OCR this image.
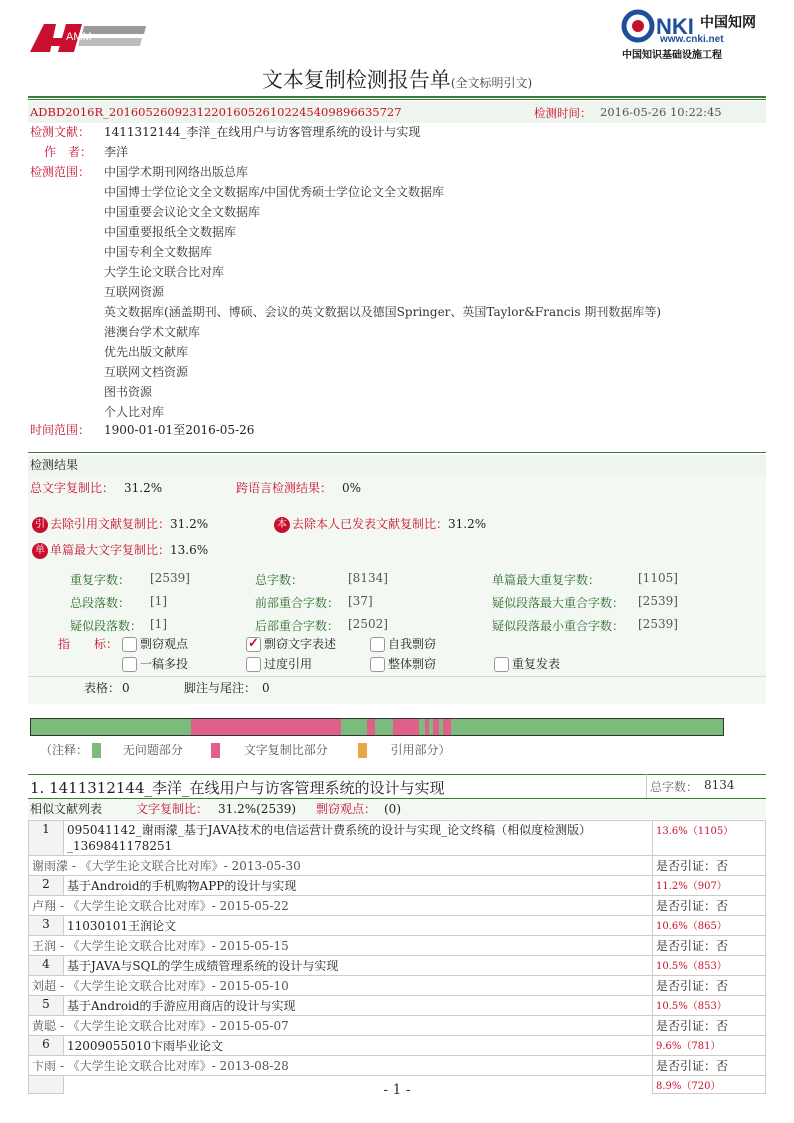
AMM	NKI 中国知网
www.cnki.net
中国知识基础设施工程
文本复制检测报告单(全文标明引文)
ADBD2016R_20160526092312201605261022454098966357​27	检测时间： 2016-05-26 10:22:45
检测文献： 1411312144_李洋_在线用户与访客管理系统的设计与实现
作　者： 李洋
检测范围： 中国学术期刊网络出版总库
中国博士学位论文全文数据库/中国优秀硕士学位论文全文数据库
中国重要会议论文全文数据库
中国重要报纸全文数据库
中国专利全文数据库
大学生论文联合比对库
互联网资源
英文数据库(涵盖期刊、博硕、会议的英文数据以及德国Springer、英国Taylor&Francis 期刊数据库等)
港澳台学术文献库
优先出版文献库
互联网文档资源
图书资源
个人比对库
时间范围： 1900-01-01至2016-05-26
检测结果
总文字复制比： 31.2%	跨语言检测结果： 0%
引 去除引用文献复制比：31.2%	本 去除本人已发表文献复制比：31.2%
单 单篇最大文字复制比：13.6%
重复字数： [2539]	总字数：	[8134]	单篇最大重复字数：	[1105]
总段落数： [1]	前部重合字数： [37]	疑似段落最大重合字数： [2539]
疑似段落数： [1]	后部重合字数： [2502]	疑似段落最小重合字数： [2539]
指　　标：	剽窃观点 ✓	剽窃文字表述	自我剽窃
一稿多投	过度引用	整体剽窃	重复发表
表格： 0	脚注与尾注： 0
（注释：	无问题部分	文字复制比部分	引用部分）
1. 1411312144_李洋_在线用户与访客管理系统的设计与实现	总字数： 8134
相似文献列表	文字复制比： 31.2%(2539) 剽窃观点： (0)
1	095041142_谢雨濛_基于JAVA技术的电信运营计费系统的设计与实现_论文终稿（相似度检测版）_1369841178251	13.6%（1105）
谢雨濛 - 《大学生论文联合比对库》- 2013-05-30		是否引证：否
2	基于Android的手机购物APP的设计与实现	11.2%（907）
卢翔 - 《大学生论文联合比对库》- 2015-05-22		是否引证：否
3	11030101王润论文	10.6%（865）
王润 - 《大学生论文联合比对库》- 2015-05-15		是否引证：否
4	基于JAVA与SQL的学生成绩管理系统的设计与实现	10.5%（853）
刘超 - 《大学生论文联合比对库》- 2015-05-10		是否引证：否
5	基于Android的手游应用商店的设计与实现	10.5%（853）
黄聪 - 《大学生论文联合比对库》- 2015-05-07		是否引证：否
6	12009055010卞雨毕业论文	9.6%（781）
卞雨 - 《大学生论文联合比对库》- 2013-08-28		是否引证：否
		8.9%（720）
- 1 -
